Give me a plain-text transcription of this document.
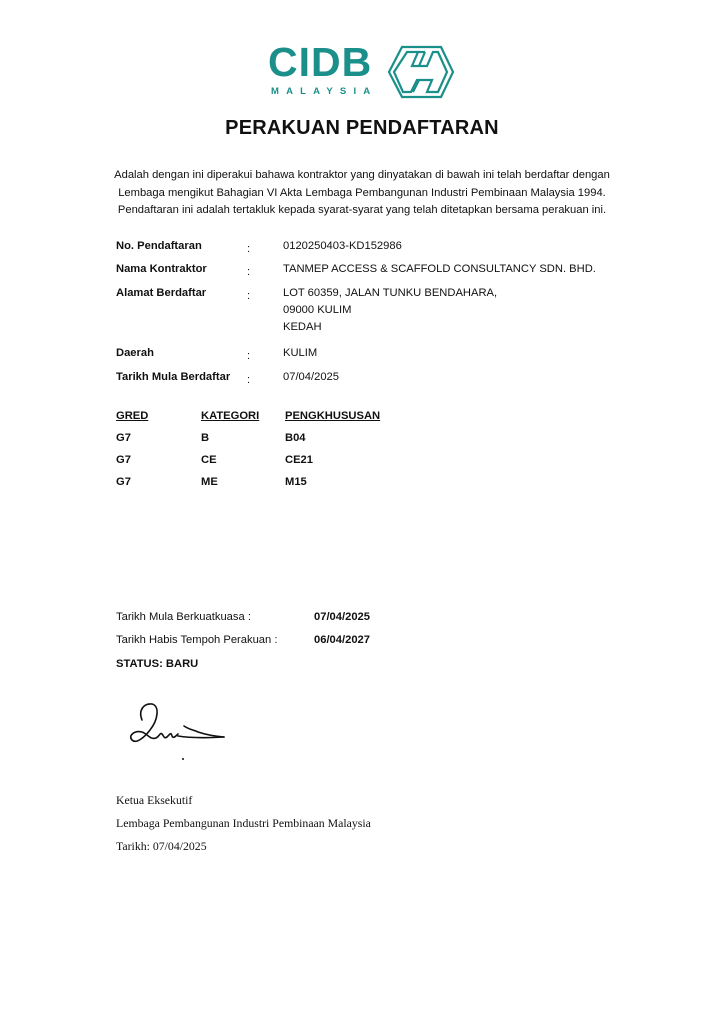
CIDB
MALAYSIA
PERAKUAN PENDAFTARAN
Adalah dengan ini diperakui bahawa kontraktor yang dinyatakan di bawah ini telah berdaftar dengan
Lembaga mengikut Bahagian VI Akta Lembaga Pembangunan Industri Pembinaan Malaysia 1994.
Pendaftaran ini adalah tertakluk kepada syarat-syarat yang telah ditetapkan bersama perakuan ini.
No. Pendaftaran	:	0120250403-KD152986
Nama Kontraktor	:	TANMEP ACCESS & SCAFFOLD CONSULTANCY SDN. BHD.
Alamat Berdaftar	:	LOT 60359, JALAN TUNKU BENDAHARA,
09000 KULIM
KEDAH
Daerah	:	KULIM
Tarikh Mula Berdaftar :	07/04/2025
GRED	KATEGORI PENGKHUSUSAN
G7	B	B04
G7	CE	CE21
G7	ME	M15
Tarikh Mula Berkuatkuasa :	07/04/2025
Tarikh Habis Tempoh Perakuan :	06/04/2027
STATUS: BARU
Ketua Eksekutif
Lembaga Pembangunan Industri Pembinaan Malaysia
Tarikh: 07/04/2025
